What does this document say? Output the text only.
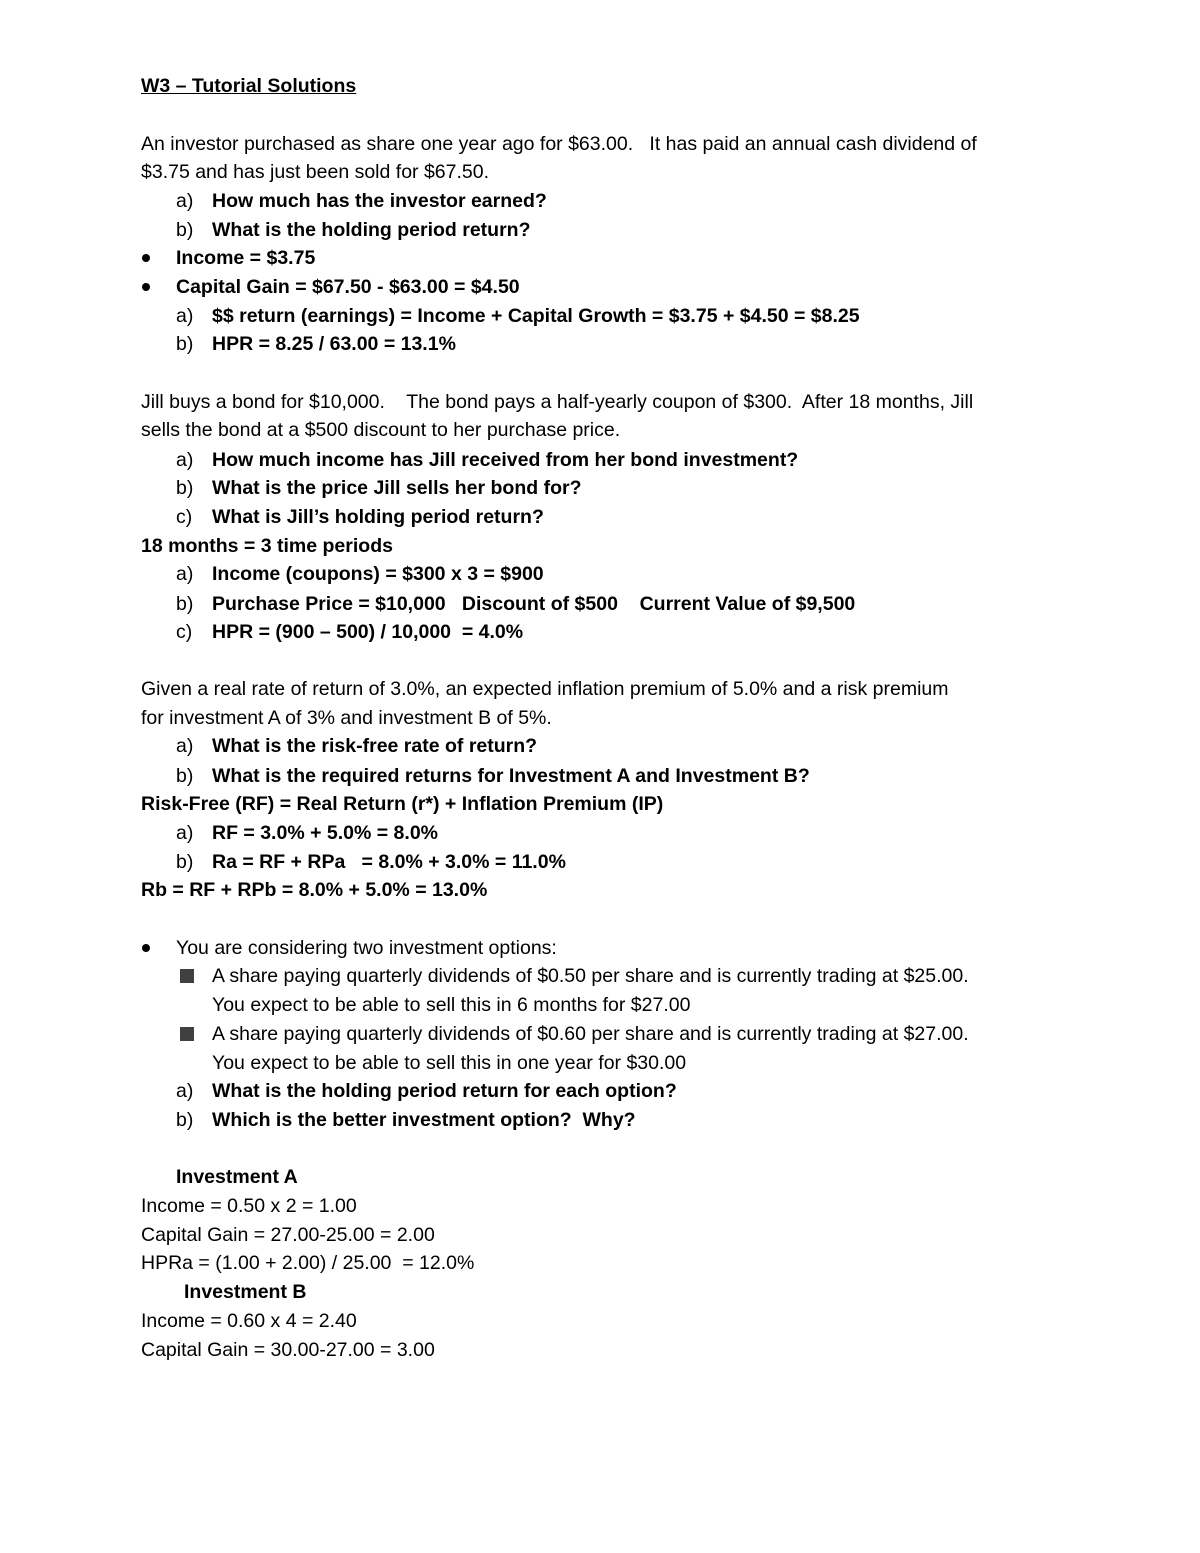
W3 – Tutorial Solutions
An investor purchased as share one year ago for $63.00.   It has paid an annual cash dividend of
$3.75 and has just been sold for $67.50.
a) How much has the investor earned?
b) What is the holding period return?
Income = $3.75
Capital Gain = $67.50 - $63.00 = $4.50
a) $$ return (earnings) = Income + Capital Growth = $3.75 + $4.50 = $8.25
b) HPR = 8.25 / 63.00 = 13.1%
Jill buys a bond for $10,000.    The bond pays a half-yearly coupon of $300.  After 18 months, Jill
sells the bond at a $500 discount to her purchase price.
a) How much income has Jill received from her bond investment?
b) What is the price Jill sells her bond for?
c) What is Jill’s holding period return?
18 months = 3 time periods
a) Income (coupons) = $300 x 3 = $900
b) Purchase Price = $10,000   Discount of $500    Current Value of $9,500
c) HPR = (900 – 500) / 10,000  = 4.0%
Given a real rate of return of 3.0%, an expected inflation premium of 5.0% and a risk premium
for investment A of 3% and investment B of 5%.
a) What is the risk-free rate of return?
b) What is the required returns for Investment A and Investment B?
Risk-Free (RF) = Real Return (r*) + Inflation Premium (IP)
a) RF = 3.0% + 5.0% = 8.0%
b) Ra = RF + RPa   = 8.0% + 3.0% = 11.0%
Rb = RF + RPb = 8.0% + 5.0% = 13.0%
You are considering two investment options:
A share paying quarterly dividends of $0.50 per share and is currently trading at $25.00.
You expect to be able to sell this in 6 months for $27.00
A share paying quarterly dividends of $0.60 per share and is currently trading at $27.00.
You expect to be able to sell this in one year for $30.00
a) What is the holding period return for each option?
b) Which is the better investment option?  Why?
Investment A
Income = 0.50 x 2 = 1.00
Capital Gain = 27.00-25.00 = 2.00
HPRa = (1.00 + 2.00) / 25.00  = 12.0%
Investment B
Income = 0.60 x 4 = 2.40
Capital Gain = 30.00-27.00 = 3.00
